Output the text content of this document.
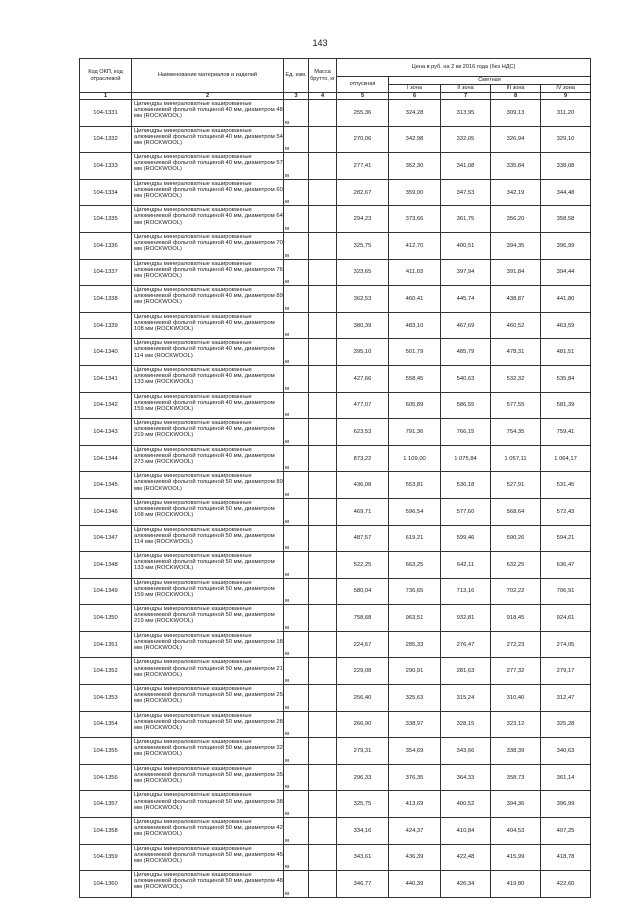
143
Код ОКП, код отраслевой	Наименование материалов и изделий	Ед. изм.	Масса брутто, кг	Цена в руб. на 2 кв 2016 года (без НДС)				
				отпускная	Сметная			
					I зона	II зона	III зона	IV зона
1	2	3	4	5	6	7	8	9
104-1331	Цилиндры минераловатные кашированные алюминиевой фольгой толщиной 40 мм, диаметром 48 мм (ROCKWOOL)	м		255,36	324,28	313,95	309,13	311,20
104-1332	Цилиндры минераловатные кашированные алюминиевой фольгой толщиной 40 мм, диаметром 54 мм (ROCKWOOL)	м		270,06	342,98	332,05	326,94	329,10
104-1333	Цилиндры минераловатные кашированные алюминиевой фольгой толщиной 40 мм, диаметром 57 мм (ROCKWOOL)	м		277,41	352,30	341,08	335,84	338,08
104-1334	Цилиндры минераловатные кашированные алюминиевой фольгой толщиной 40 мм, диаметром 60 мм (ROCKWOOL)	м		282,67	359,00	347,53	342,19	344,48
104-1335	Цилиндры минераловатные кашированные алюминиевой фольгой толщиной 40 мм, диаметром 64 мм (ROCKWOOL)	м		294,23	373,66	361,75	356,20	358,58
104-1336	Цилиндры минераловатные кашированные алюминиевой фольгой толщиной 40 мм, диаметром 70 мм (ROCKWOOL)	м		325,75	412,70	400,51	394,35	396,99
104-1337	Цилиндры минераловатные кашированные алюминиевой фольгой толщиной 40 мм, диаметром 76 мм (ROCKWOOL)	м		323,65	411,03	397,94	391,84	394,44
104-1338	Цилиндры минераловатные кашированные алюминиевой фольгой толщиной 40 мм, диаметром 89 мм (ROCKWOOL)	м		362,53	460,41	445,74	438,87	441,80
104-1339	Цилиндры минераловатные кашированные алюминиевой фольгой толщиной 40 мм, диаметром 108 мм (ROCKWOOL)	м		380,39	483,10	467,69	460,52	463,59
104-1340	Цилиндры минераловатные кашированные алюминиевой фольгой толщиной 40 мм, диаметром 114 мм (ROCKWOOL)	м		395,10	501,79	485,79	478,31	481,51
104-1341	Цилиндры минераловатные кашированные алюминиевой фольгой толщиной 40 мм, диаметром 133 мм (ROCKWOOL)	м		427,66	558,45	540,63	532,32	535,84
104-1342	Цилиндры минераловатные кашированные алюминиевой фольгой толщиной 40 мм, диаметром 159 мм (ROCKWOOL)	м		477,07	605,89	586,55	577,55	581,39
104-1343	Цилиндры минераловатные кашированные алюминиевой фольгой толщиной 40 мм, диаметром 219 мм (ROCKWOOL)	м		623,53	791,36	766,15	754,35	759,41
104-1344	Цилиндры минераловатные кашированные алюминиевой фольгой толщиной 40 мм, диаметром 273 мм (ROCKWOOL)	м		873,22	1 109,00	1 075,84	1 057,11	1 064,17
104-1345	Цилиндры минераловатные кашированные алюминиевой фольгой толщиной 50 мм, диаметром 89 мм (ROCKWOOL)	м		436,08	553,81	536,18	527,91	531,45
104-1346	Цилиндры минераловатные кашированные алюминиевой фольгой толщиной 50 мм, диаметром 108 мм (ROCKWOOL)	м		469,71	596,54	577,60	568,64	572,43
104-1347	Цилиндры минераловатные кашированные алюминиевой фольгой толщиной 50 мм, диаметром 114 мм (ROCKWOOL)	м		487,57	619,21	599,46	590,26	594,21
104-1348	Цилиндры минераловатные кашированные алюминиевой фольгой толщиной 50 мм, диаметром 133 мм (ROCKWOOL)	м		522,25	663,25	642,11	632,25	636,47
104-1349	Цилиндры минераловатные кашированные алюминиевой фольгой толщиной 50 мм, диаметром 159 мм (ROCKWOOL)	м		580,04	736,65	713,16	702,22	706,91
104-1350	Цилиндры минераловатные кашированные алюминиевой фольгой толщиной 50 мм, диаметром 219 мм (ROCKWOOL)	м		758,68	963,51	932,81	918,45	924,61
104-1351	Цилиндры минераловатные кашированные алюминиевой фольгой толщиной 50 мм, диаметром 18 мм (ROCKWOOL)	м		224,67	285,33	276,47	272,23	274,05
104-1352	Цилиндры минераловатные кашированные алюминиевой фольгой толщиной 50 мм, диаметром 21 мм (ROCKWOOL)	м		229,08	290,91	281,63	277,32	279,17
104-1353	Цилиндры минераловатные кашированные алюминиевой фольгой толщиной 50 мм, диаметром 25 мм (ROCKWOOL)	м		256,40	325,63	315,24	310,40	312,47
104-1354	Цилиндры минераловатные кашированные алюминиевой фольгой толщиной 50 мм, диаметром 28 мм (ROCKWOOL)	м		266,90	338,97	328,15	323,12	325,28
104-1355	Цилиндры минераловатные кашированные алюминиевой фольгой толщиной 50 мм, диаметром 32 мм (ROCKWOOL)	м		279,31	354,69	343,66	338,39	340,63
104-1356	Цилиндры минераловатные кашированные алюминиевой фольгой толщиной 50 мм, диаметром 35 мм (ROCKWOOL)	м		296,33	376,35	364,33	358,73	361,14
104-1357	Цилиндры минераловатные кашированные алюминиевой фольгой толщиной 50 мм, диаметром 38 мм (ROCKWOOL)	м		325,75	413,69	400,52	394,36	396,99
104-1358	Цилиндры минераловатные кашированные алюминиевой фольгой толщиной 50 мм, диаметром 42 мм (ROCKWOOL)	м		334,16	424,37	410,84	404,53	407,25
104-1359	Цилиндры минераловатные кашированные алюминиевой фольгой толщиной 50 мм, диаметром 45 мм (ROCKWOOL)	м		343,61	436,39	422,48	415,99	418,78
104-1360	Цилиндры минераловатные кашированные алюминиевой фольгой толщиной 50 мм, диаметром 48 мм (ROCKWOOL)	м		346,77	440,39	426,34	419,80	422,60
